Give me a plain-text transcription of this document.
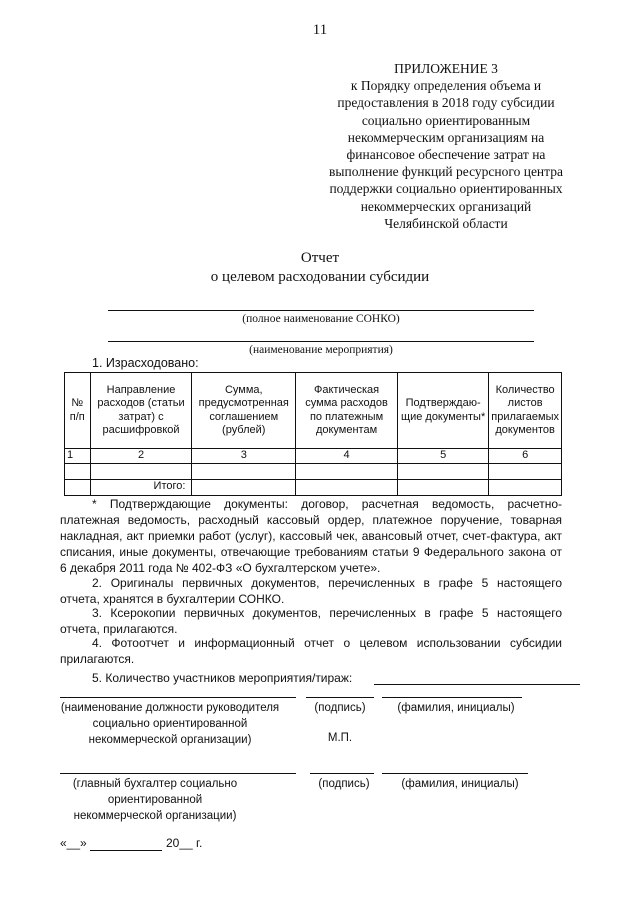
11
ПРИЛОЖЕНИЕ 3
к Порядку определения объема и
предоставления в 2018 году субсидии
социально ориентированным
некоммерческим организациям на
финансовое обеспечение затрат на
выполнение функций ресурсного центра
поддержки социально ориентированных
некоммерческих организаций
Челябинской области
Отчет
о целевом расходовании субсидии
(полное наименование СОНКО)
(наименование мероприятия)
1. Израсходовано:
№ п/п	Направление расходов (статьи затрат) с расшифровкой	Сумма, предусмотренная соглашением (рублей)	Фактическая сумма расходов по платежным документам	Подтверждаю-щие документы*	Количество листов прилагаемых документов
1	2	3	4	5	6

	Итого:				
* Подтверждающие документы: договор, расчетная ведомость, расчетно-платежная ведомость, расходный кассовый ордер, платежное поручение, товарная накладная, акт приемки работ (услуг), кассовый чек, авансовый отчет, счет-фактура, акт списания, иные документы, отвечающие требованиям статьи 9 Федерального закона от 6 декабря 2011 года № 402-ФЗ «О бухгалтерском учете».
2. Оригиналы первичных документов, перечисленных в графе 5 настоящего отчета, хранятся в бухгалтерии СОНКО.
3. Ксерокопии первичных документов, перечисленных в графе 5 настоящего отчета, прилагаются.
4. Фотоотчет и информационный отчет о целевом использовании субсидии прилагаются.
5. Количество участников мероприятия/тираж:
(наименование должности руководителя социально ориентированной некоммерческой организации)
(подпись)	(фамилия, инициалы)
М.П.
(главный бухгалтер социально ориентированной некоммерческой организации)
(подпись)	(фамилия, инициалы)
«__»	20__ г.
